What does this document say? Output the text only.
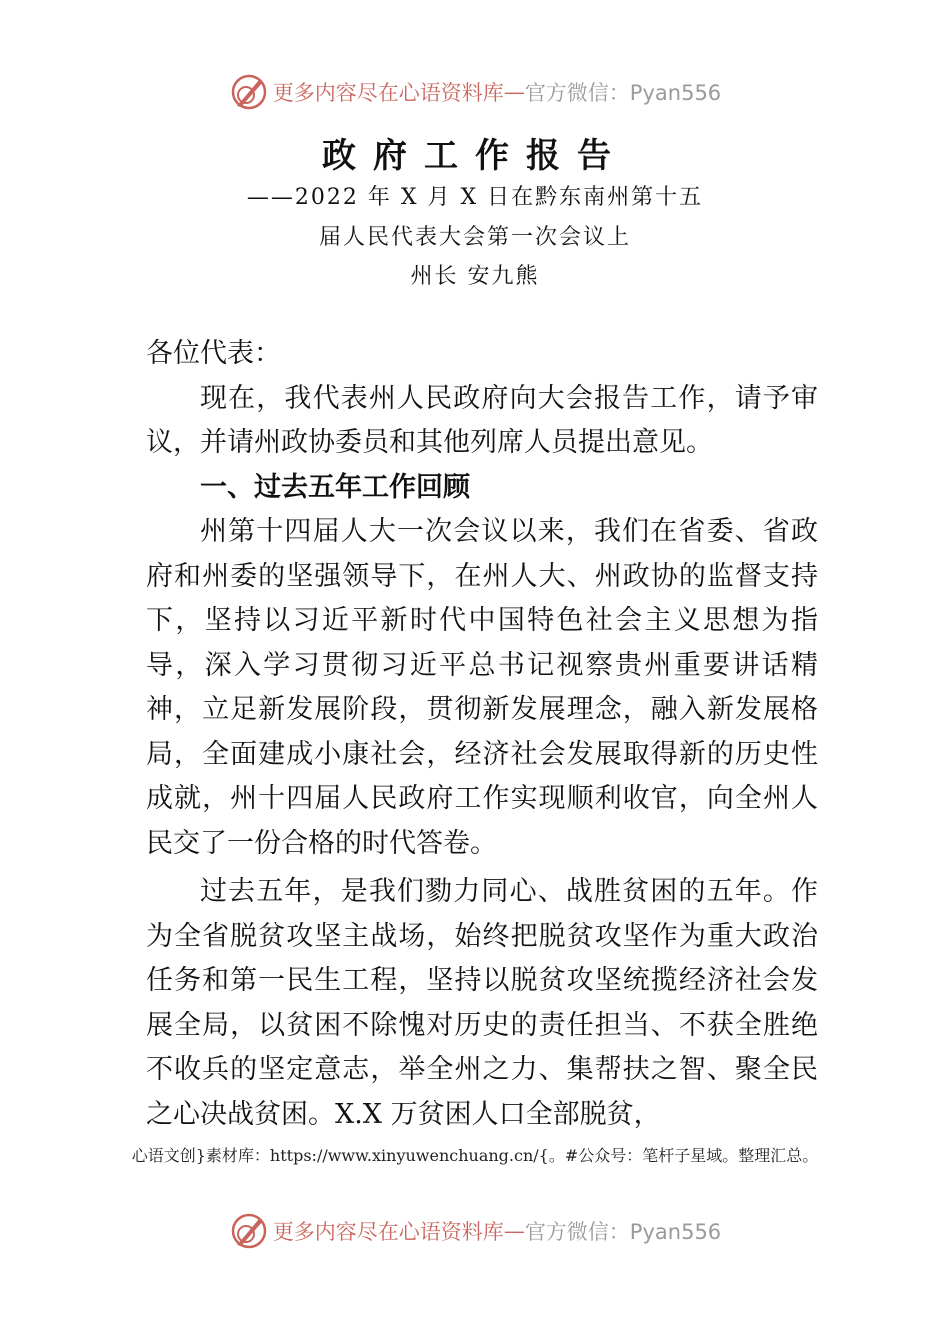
更多内容尽在心语资料库 — 官方微信：Pyan556
政府工作报告
——2022 年 X 月 X 日在黔东南州第十五
届人民代表大会第一次会议上
州长 安九熊

各位代表：

现在，我代表州人民政府向大会报告工作，请予审议，并请州政协委员和其他列席人员提出意见。

一、过去五年工作回顾

州第十四届人大一次会议以来，我们在省委、省政府和州委的坚强领导下，在州人大、州政协的监督支持下，坚持以习近平新时代中国特色社会主义思想为指导，深入学习贯彻习近平总书记视察贵州重要讲话精神，立足新发展阶段，贯彻新发展理念，融入新发展格局，全面建成小康社会，经济社会发展取得新的历史性成就，州十四届人民政府工作实现顺利收官，向全州人民交了一份合格的时代答卷。

过去五年，是我们勠力同心、战胜贫困的五年。作为全省脱贫攻坚主战场，始终把脱贫攻坚作为重大政治任务和第一民生工程，坚持以脱贫攻坚统揽经济社会发展全局，以贫困不除愧对历史的责任担当、不获全胜绝不收兵的坚定意志，举全州之力、集帮扶之智、聚全民之心决战贫困。X.X 万贫困人口全部脱贫，

心语文创}素材库：https://www.xinyuwenchuang.cn/{。#公众号：笔杆子星域。整理汇总。
更多内容尽在心语资料库 — 官方微信：Pyan556
